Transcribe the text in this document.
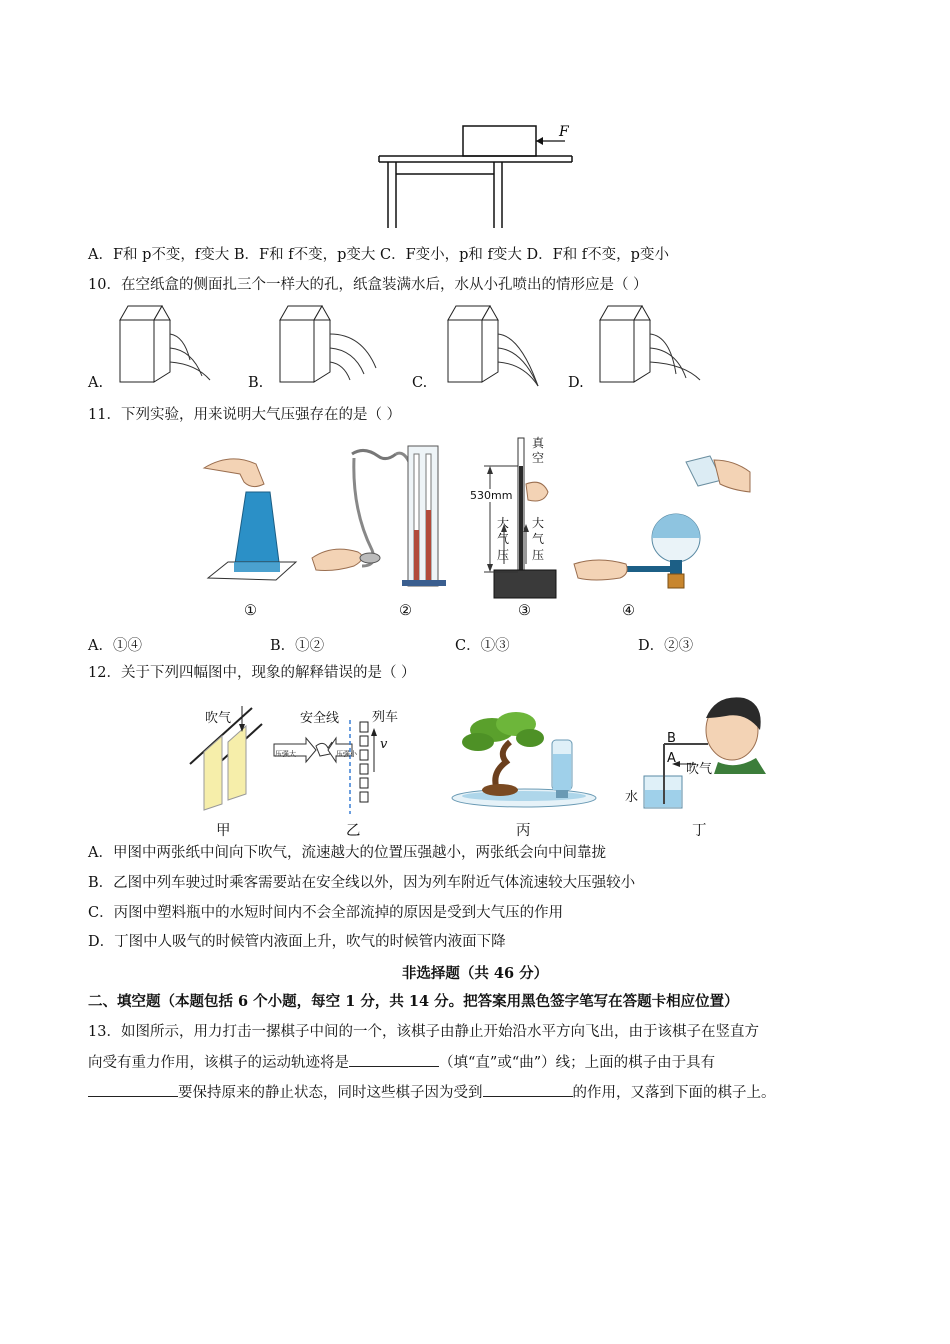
F
A．F和 p不变，f变大 B．F和 f不变，p变大 C．F变小，p和 f变大 D．F和 f不变，p变小
10．在空纸盒的侧面扎三个一样大的孔，纸盒装满水后，水从小孔喷出的情形应是（ ）
A.	B.	C.	D.
11．下列实验，用来说明大气压强存在的是（ ）
真空
530mm
大气压
大气压
①	②	③	④
A．①④	B．①②	C．①③	D．②③
12．关于下列四幅图中，现象的解释错误的是（ ）
吹气	安全线	列车
压强大	压强小
v	B
A
吹气
水
甲	乙	丙	丁
A．甲图中两张纸中间向下吹气，流速越大的位置压强越小，两张纸会向中间靠拢
B．乙图中列车驶过时乘客需要站在安全线以外，因为列车附近气体流速较大压强较小
C．丙图中塑料瓶中的水短时间内不会全部流掉的原因是受到大气压的作用
D．丁图中人吸气的时候管内液面上升，吹气的时候管内液面下降
非选择题（共 46 分）
二、填空题（本题包括 6 个小题，每空 1 分，共 14 分。把答案用黑色签字笔写在答题卡相应位置）
13．如图所示，用力打击一摞棋子中间的一个，该棋子由静止开始沿水平方向飞出，由于该棋子在竖直方
向受有重力作用，该棋子的运动轨迹将是	（填“直”或“曲”）线；上面的棋子由于具有
要保持原来的静止状态，同时这些棋子因为受到	的作用，又落到下面的棋子上。
